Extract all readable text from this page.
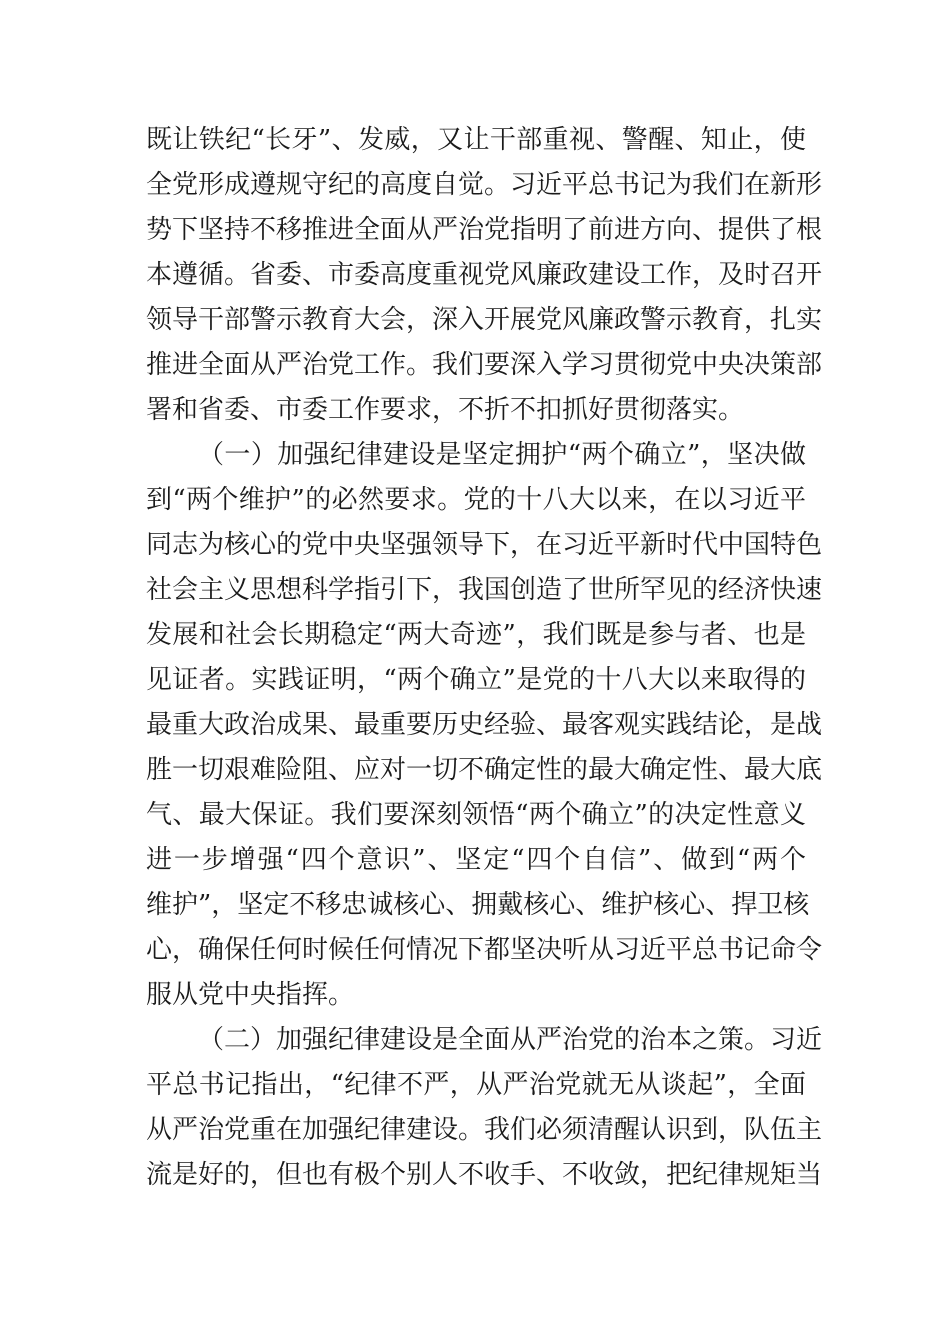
既让铁纪“长牙”、发威，又让干部重视、警醒、知止，使
全党形成遵规守纪的高度自觉。习近平总书记为我们在新形
势下坚持不移推进全面从严治党指明了前进方向、提供了根
本遵循。省委、市委高度重视党风廉政建设工作，及时召开
领导干部警示教育大会，深入开展党风廉政警示教育，扎实
推进全面从严治党工作。我们要深入学习贯彻党中央决策部
署和省委、市委工作要求，不折不扣抓好贯彻落实。
（一）加强纪律建设是坚定拥护“两个确立”，坚决做
到“两个维护”的必然要求。党的十八大以来，在以习近平
同志为核心的党中央坚强领导下，在习近平新时代中国特色
社会主义思想科学指引下，我国创造了世所罕见的经济快速
发展和社会长期稳定“两大奇迹”，我们既是参与者、也是
见证者。实践证明，“两个确立”是党的十八大以来取得的
最重大政治成果、最重要历史经验、最客观实践结论，是战
胜一切艰难险阻、应对一切不确定性的最大确定性、最大底
气、最大保证。我们要深刻领悟“两个确立”的决定性意义
进一步增强“四个意识”、坚定“四个自信”、做到“两个
维护”，坚定不移忠诚核心、拥戴核心、维护核心、捍卫核
心，确保任何时候任何情况下都坚决听从习近平总书记命令
服从党中央指挥。
（二）加强纪律建设是全面从严治党的治本之策。习近
平总书记指出，“纪律不严，从严治党就无从谈起”，全面
从严治党重在加强纪律建设。我们必须清醒认识到，队伍主
流是好的，但也有极个别人不收手、不收敛，把纪律规矩当
